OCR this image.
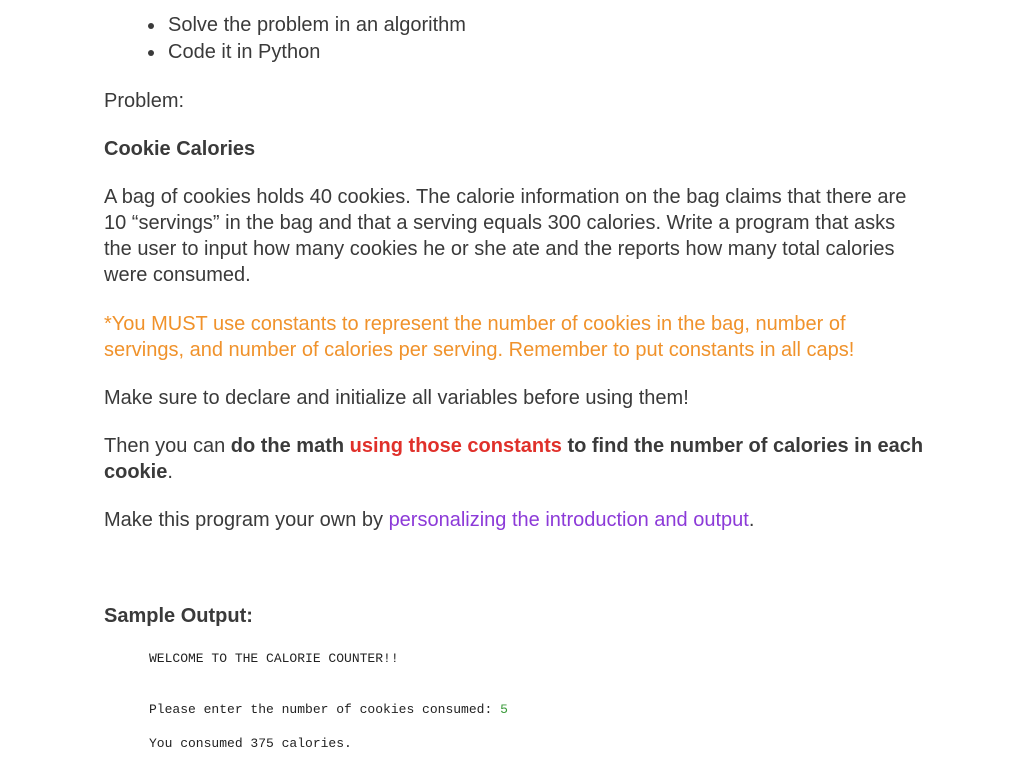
Solve the problem in an algorithm
Code it in Python

Problem:

Cookie Calories

A bag of cookies holds 40 cookies. The calorie information on the bag claims that there are 10 “servings” in the bag and that a serving equals 300 calories. Write a program that asks the user to input how many cookies he or she ate and the reports how many total calories were consumed.

*You MUST use constants to represent the number of cookies in the bag, number of servings, and number of calories per serving. Remember to put constants in all caps!

Make sure to declare and initialize all variables before using them!

Then you can do the math using those constants to find the number of calories in each cookie.

Make this program your own by personalizing the introduction and output.

Sample Output:

WELCOME TO THE CALORIE COUNTER!!
Please enter the number of cookies consumed: 5
You consumed 375 calories.
